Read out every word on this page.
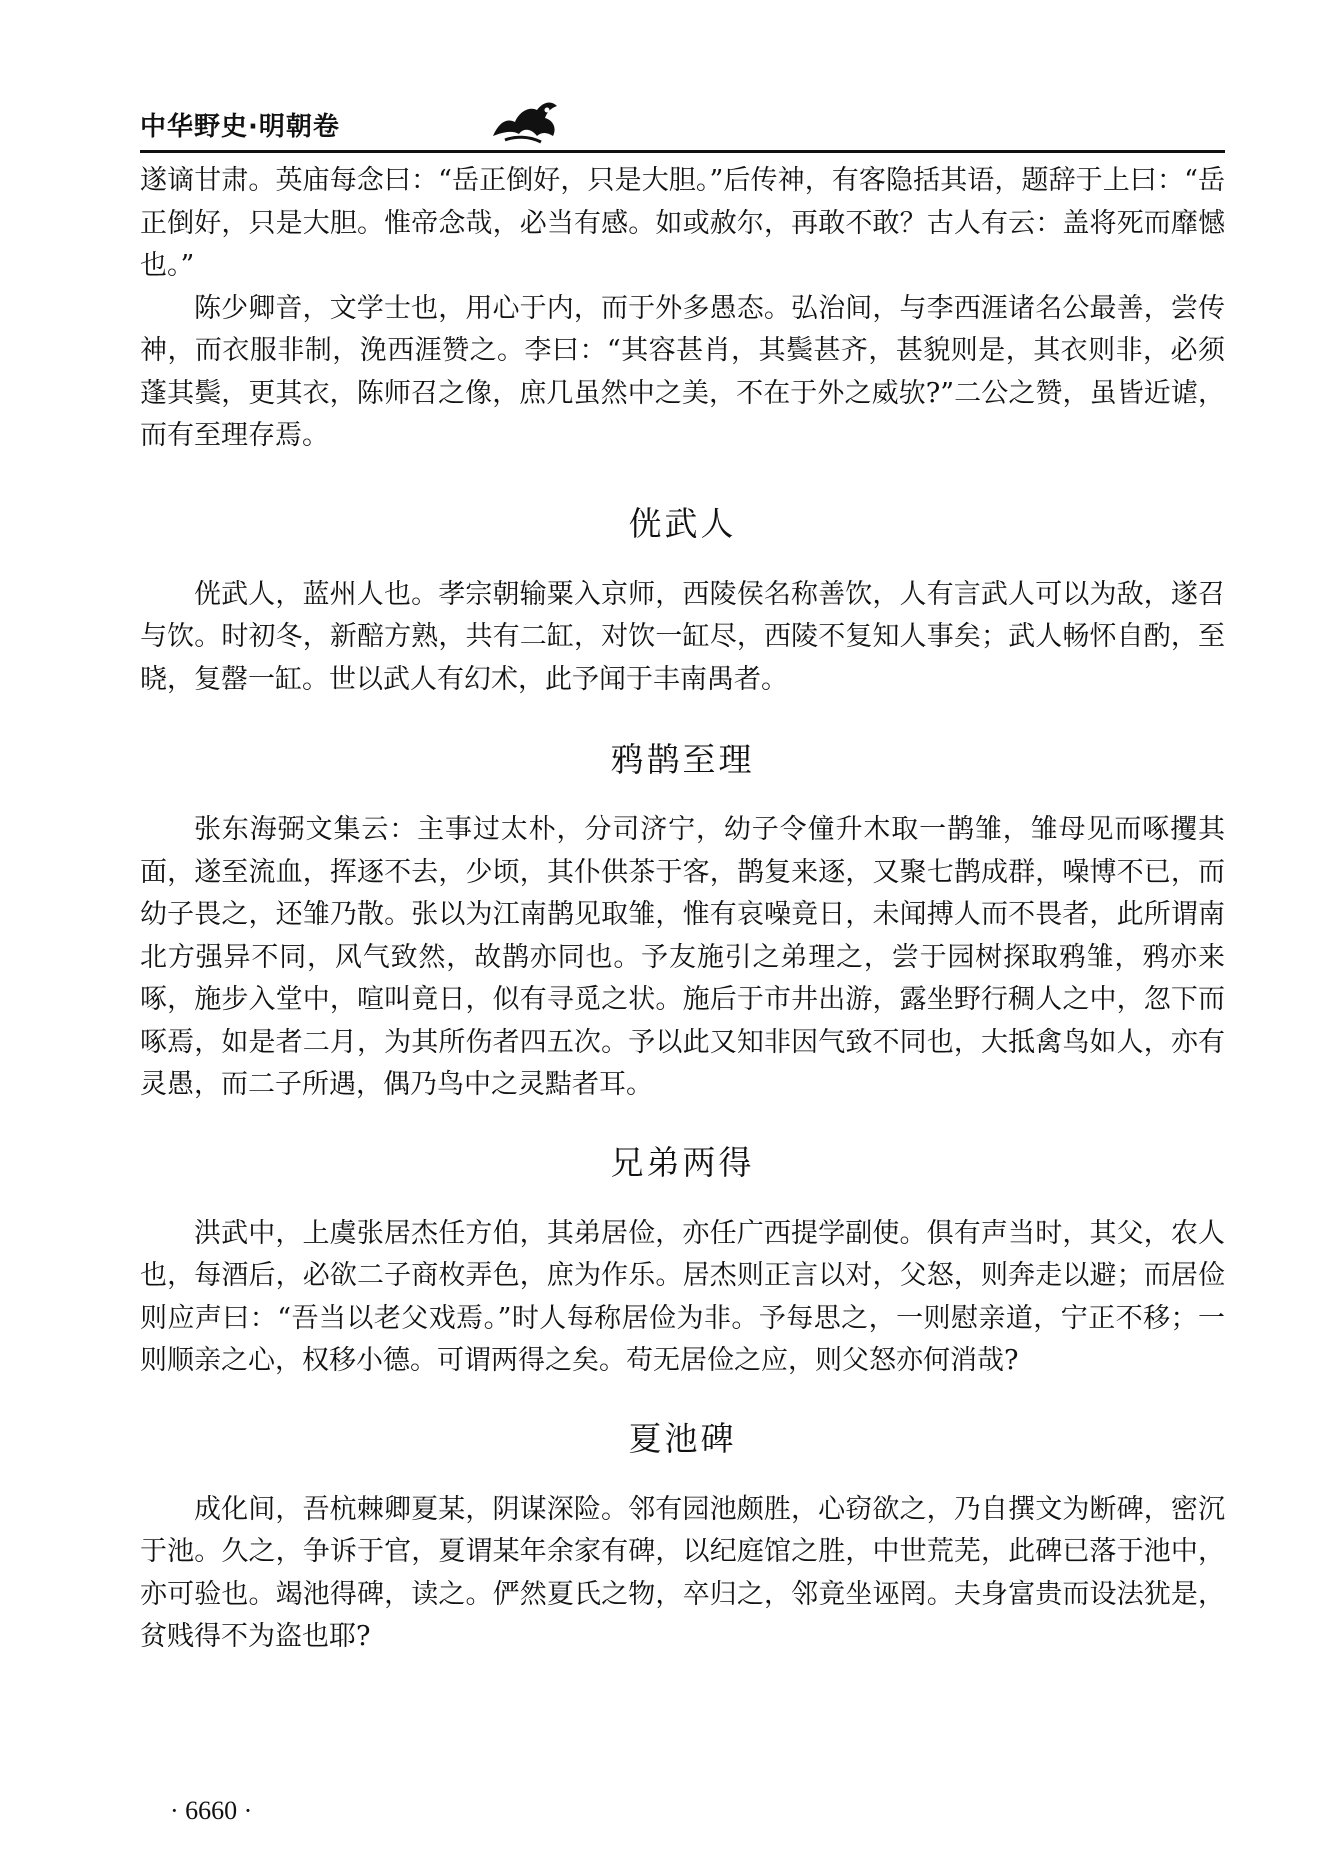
中华野史·明朝卷

遂谪甘肃。英庙每念曰：“岳正倒好，只是大胆。”后传神，有客隐括其语，题辞于上曰：“岳正倒好，只是大胆。惟帝念哉，必当有感。如或赦尔，再敢不敢？古人有云：盖将死而靡憾也。”

陈少卿音，文学士也，用心于内，而于外多愚态。弘治间，与李西涯诸名公最善，尝传神，而衣服非制，浼西涯赞之。李曰：“其容甚肖，其鬓甚齐，甚貌则是，其衣则非，必须蓬其鬓，更其衣，陈师召之像，庶几虽然中之美，不在于外之威欤?”二公之赞，虽皆近谑，而有至理存焉。

侊武人

侊武人，蓝州人也。孝宗朝输粟入京师，西陵侯名称善饮，人有言武人可以为敌，遂召与饮。时初冬，新醅方熟，共有二缸，对饮一缸尽，西陵不复知人事矣；武人畅怀自酌，至晓，复罄一缸。世以武人有幻术，此予闻于丰南禺者。

鸦鹊至理

张东海弼文集云：主事过太朴，分司济宁，幼子令僮升木取一鹊雏，雏母见而啄攫其面，遂至流血，挥逐不去，少顷，其仆供茶于客，鹊复来逐，又聚七鹊成群，噪博不已，而幼子畏之，还雏乃散。张以为江南鹊见取雏，惟有哀噪竟日，未闻搏人而不畏者，此所谓南北方强异不同，风气致然，故鹊亦同也。予友施引之弟理之，尝于园树探取鸦雏，鸦亦来啄，施步入堂中，喧叫竟日，似有寻觅之状。施后于市井出游，露坐野行稠人之中，忽下而啄焉，如是者二月，为其所伤者四五次。予以此又知非因气致不同也，大抵禽鸟如人，亦有灵愚，而二子所遇，偶乃鸟中之灵黠者耳。

兄弟两得

洪武中，上虞张居杰任方伯，其弟居俭，亦任广西提学副使。俱有声当时，其父，农人也，每酒后，必欲二子商枚弄色，庶为作乐。居杰则正言以对，父怒，则奔走以避；而居俭则应声曰：“吾当以老父戏焉。”时人每称居俭为非。予每思之，一则慰亲道，宁正不移；一则顺亲之心，权移小德。可谓两得之矣。苟无居俭之应，则父怒亦何消哉?

夏池碑

成化间，吾杭棘卿夏某，阴谋深险。邻有园池颇胜，心窃欲之，乃自撰文为断碑，密沉于池。久之，争诉于官，夏谓某年余家有碑，以纪庭馆之胜，中世荒芜，此碑已落于池中，亦可验也。竭池得碑，读之。俨然夏氏之物，卒归之，邻竟坐诬罔。夫身富贵而设法犹是，贫贱得不为盗也耶?

· 6660 ·
